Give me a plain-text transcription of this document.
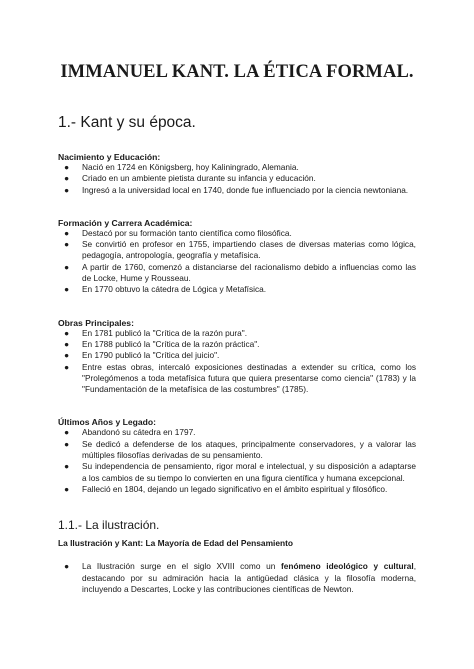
IMMANUEL KANT. LA ÉTICA FORMAL.
1.- Kant y su época.

Nacimiento y Educación:

● Nació en 1724 en Königsberg, hoy Kaliningrado, Alemania.
● Criado en un ambiente pietista durante su infancia y educación.
● Ingresó a la universidad local en 1740, donde fue influenciado por la ciencia newtoniana.

Formación y Carrera Académica:

● Destacó por su formación tanto científica como filosófica.
● Se convirtió en profesor en 1755, impartiendo clases de diversas materias como lógica, pedagogía, antropología, geografía y metafísica.
● A partir de 1760, comenzó a distanciarse del racionalismo debido a influencias como las de Locke, Hume y Rousseau.
● En 1770 obtuvo la cátedra de Lógica y Metafísica.

Obras Principales:

● En 1781 publicó la "Crítica de la razón pura".
● En 1788 publicó la "Crítica de la razón práctica".
● En 1790 publicó la "Crítica del juicio".
● Entre estas obras, intercaló exposiciones destinadas a extender su crítica, como los "Prolegómenos a toda metafísica futura que quiera presentarse como ciencia" (1783) y la "Fundamentación de la metafísica de las costumbres" (1785).

Últimos Años y Legado:

● Abandonó su cátedra en 1797.
● Se dedicó a defenderse de los ataques, principalmente conservadores, y a valorar las múltiples filosofías derivadas de su pensamiento.
● Su independencia de pensamiento, rigor moral e intelectual, y su disposición a adaptarse a los cambios de su tiempo lo convierten en una figura científica y humana excepcional.
● Falleció en 1804, dejando un legado significativo en el ámbito espiritual y filosófico.
1.1.- La ilustración.

La Ilustración y Kant: La Mayoría de Edad del Pensamiento

● La Ilustración surge en el siglo XVIII como un fenómeno ideológico y cultural, destacando por su admiración hacia la antigüedad clásica y la filosofía moderna, incluyendo a Descartes, Locke y las contribuciones científicas de Newton.
